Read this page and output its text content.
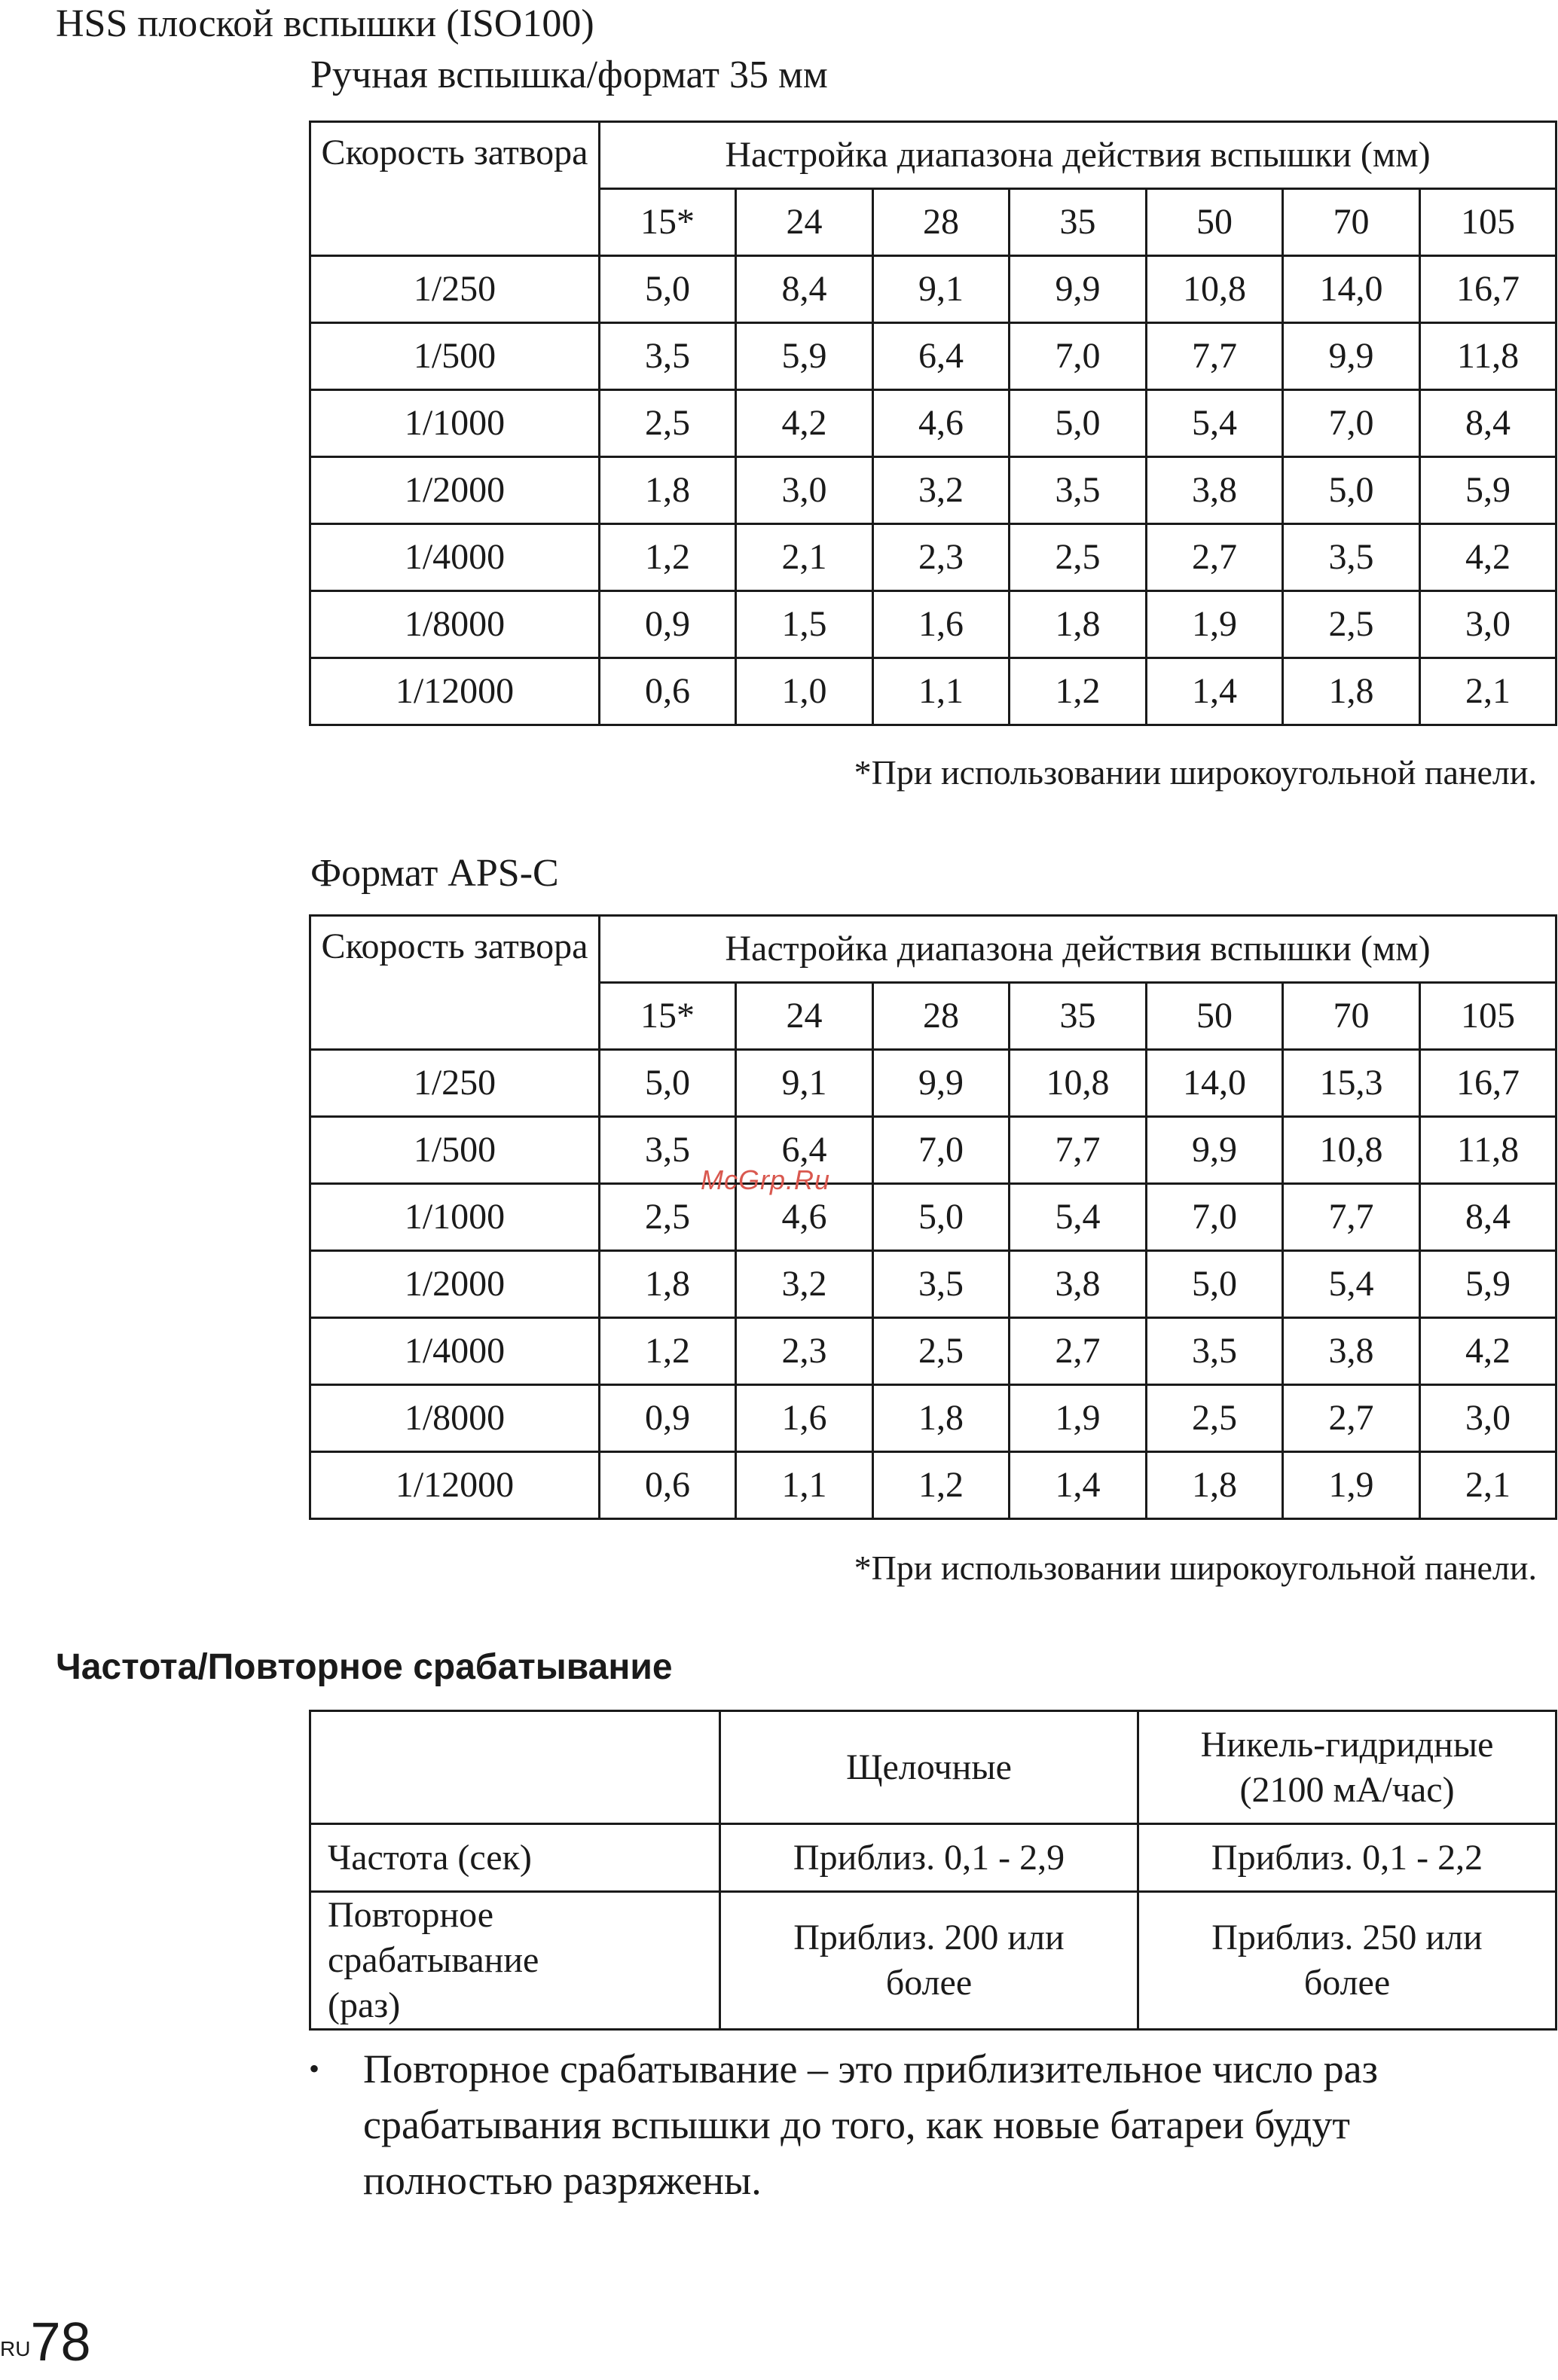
HSS плоской вспышки (ISO100)
Ручная вспышка/формат 35 мм
Скорость затвора	Настройка диапазона действия вспышки (мм)						
	15*	24	28	35	50	70	105
1/250	5,0	8,4	9,1	9,9	10,8	14,0	16,7
1/500	3,5	5,9	6,4	7,0	7,7	9,9	11,8
1/1000	2,5	4,2	4,6	5,0	5,4	7,0	8,4
1/2000	1,8	3,0	3,2	3,5	3,8	5,0	5,9
1/4000	1,2	2,1	2,3	2,5	2,7	3,5	4,2
1/8000	0,9	1,5	1,6	1,8	1,9	2,5	3,0
1/12000	0,6	1,0	1,1	1,2	1,4	1,8	2,1
*При использовании широкоугольной панели.
Формат APS-C
Скорость затвора	Настройка диапазона действия вспышки (мм)						
	15*	24	28	35	50	70	105
1/250	5,0	9,1	9,9	10,8	14,0	15,3	16,7
1/500	3,5	6,4	7,0	7,7	9,9	10,8	11,8
1/1000	2,5	4,6	5,0	5,4	7,0	7,7	8,4
1/2000	1,8	3,2	3,5	3,8	5,0	5,4	5,9
1/4000	1,2	2,3	2,5	2,7	3,5	3,8	4,2
1/8000	0,9	1,6	1,8	1,9	2,5	2,7	3,0
1/12000	0,6	1,1	1,2	1,4	1,8	1,9	2,1
*При использовании широкоугольной панели.
McGrp.Ru
Частота/Повторное срабатывание
	Щелочные	Никель-гидридные (2100 мА/час)
Частота (сек)	Приблиз. 0,1 - 2,9	Приблиз. 0,1 - 2,2
Повторное срабатывание (раз)	Приблиз. 200 или более	Приблиз. 250 или более
• Повторное срабатывание – это приблизительное число раз срабатывания вспышки до того, как новые батареи будут полностью разряжены.
RU78
